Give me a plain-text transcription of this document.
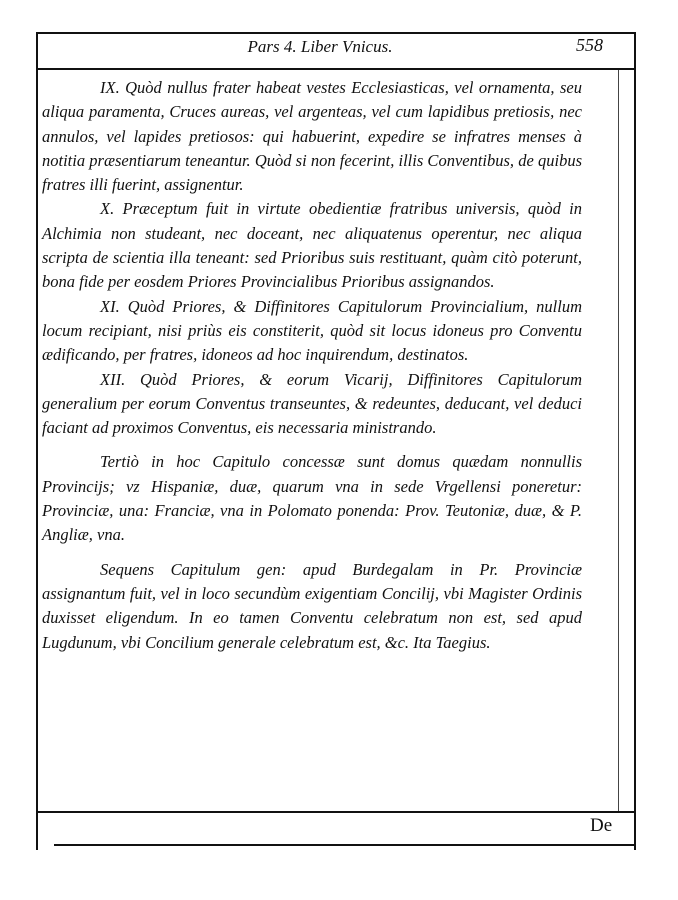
Pars 4. Liber Vnicus.	558

IX. Quòd nullus frater habeat vestes Ecclesiasticas, vel ornamenta, seu aliqua paramenta, Cruces aureas, vel argenteas, vel cum lapidibus pretiosis, nec annulos, vel lapides pretiosos: qui habuerint, expedire se infratres menses à notitia præsentiarum teneantur. Quòd si non fecerint, illis Conventibus, de quibus fratres illi fuerint, assignentur.

X. Præceptum fuit in virtute obedientiæ fratribus universis, quòd in Alchimia non studeant, nec doceant, nec aliquatenus operentur, nec aliqua scripta de scientia illa teneant: sed Prioribus suis restituant, quàm citò poterunt, bona fide per eosdem Priores Provincialibus Prioribus assignandos.

XI. Quòd Priores, & Diffinitores Capitulorum Provincialium, nullum locum recipiant, nisi priùs eis constiterit, quòd sit locus idoneus pro Conventu ædificando, per fratres, idoneos ad hoc inquirendum, destinatos.

XII. Quòd Priores, & eorum Vicarij, Diffinitores Capitulorum generalium per eorum Conventus transeuntes, & redeuntes, deducant, vel deduci faciant ad proximos Conventus, eis necessaria ministrando.

Tertiò in hoc Capitulo concessæ sunt domus quædam nonnullis Provincijs; vz Hispaniæ, duæ, quarum vna in sede Vrgellensi poneretur: Provinciæ, una: Franciæ, vna in Polomato ponenda: Prov. Teutoniæ, duæ, & P. Angliæ, vna.

Sequens Capitulum gen: apud Burdegalam in Pr. Provinciæ assignantum fuit, vel in loco secundùm exigentiam Concilij, vbi Magister Ordinis duxisset eligendum. In eo tamen Conventu celebratum non est, sed apud Lugdunum, vbi Concilium generale celebratum est, &c. Ita Taegius.

De
